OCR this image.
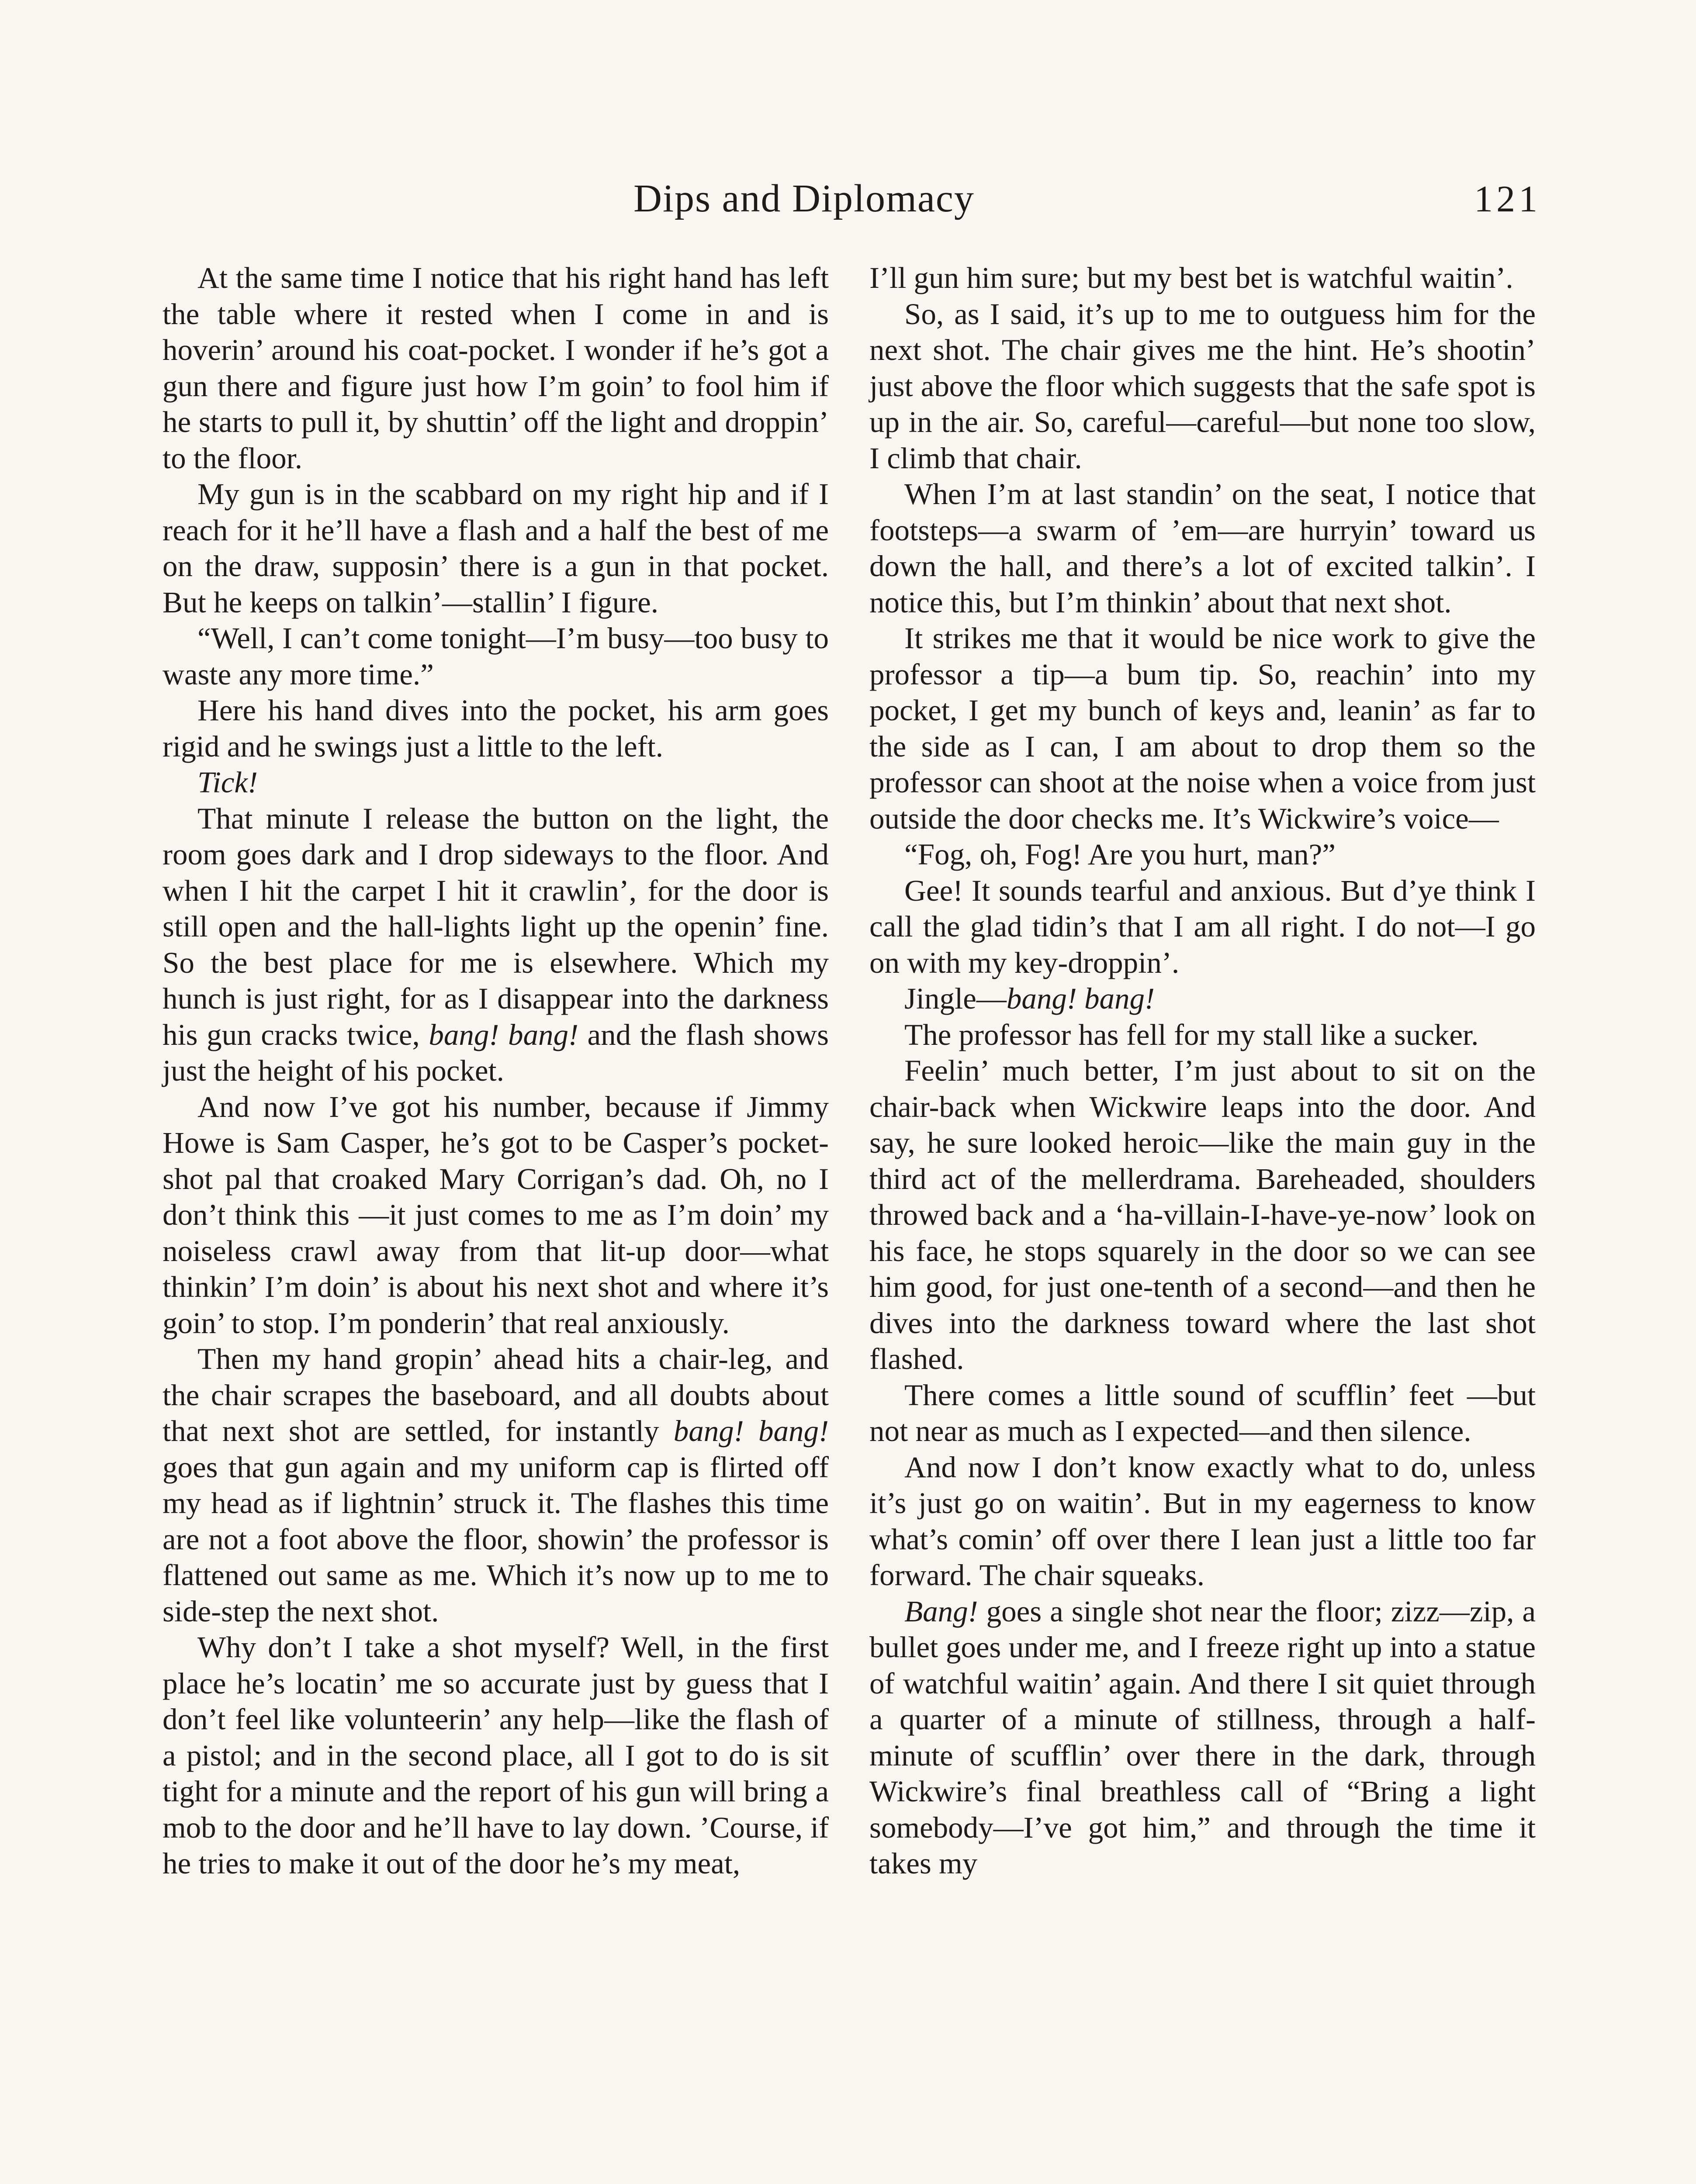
Dips and Diplomacy	121

At the same time I notice that his right hand has left the table where it rested when I come in and is hoverin’ around his coat-pocket. I wonder if he’s got a gun there and figure just how I’m goin’ to fool him if he starts to pull it, by shuttin’ off the light and droppin’ to the floor.

My gun is in the scabbard on my right hip and if I reach for it he’ll have a flash and a half the best of me on the draw, supposin’ there is a gun in that pocket. But he keeps on talkin’—stallin’ I figure.

“Well, I can’t come tonight—I’m busy—too busy to waste any more time.”

Here his hand dives into the pocket, his arm goes rigid and he swings just a little to the left.

Tick!

That minute I release the button on the light, the room goes dark and I drop sideways to the floor. And when I hit the carpet I hit it crawlin’, for the door is still open and the hall-lights light up the openin’ fine. So the best place for me is elsewhere. Which my hunch is just right, for as I disappear into the darkness his gun cracks twice, bang! bang! and the flash shows just the height of his pocket.

And now I’ve got his number, because if Jimmy Howe is Sam Casper, he’s got to be Casper’s pocket-shot pal that croaked Mary Corrigan’s dad. Oh, no I don’t think this —it just comes to me as I’m doin’ my noiseless crawl away from that lit-up door—what thinkin’ I’m doin’ is about his next shot and where it’s goin’ to stop. I’m ponderin’ that real anxiously.

Then my hand gropin’ ahead hits a chair-leg, and the chair scrapes the baseboard, and all doubts about that next shot are settled, for instantly bang! bang! goes that gun again and my uniform cap is flirted off my head as if lightnin’ struck it. The flashes this time are not a foot above the floor, showin’ the professor is flattened out same as me. Which it’s now up to me to side-step the next shot.

Why don’t I take a shot myself? Well, in the first place he’s locatin’ me so accurate just by guess that I don’t feel like volunteerin’ any help—like the flash of a pistol; and in the second place, all I got to do is sit tight for a minute and the report of his gun will bring a mob to the door and he’ll have to lay down. ’Course, if he tries to make it out of the door he’s my meat,

I’ll gun him sure; but my best bet is watchful waitin’.

So, as I said, it’s up to me to outguess him for the next shot. The chair gives me the hint. He’s shootin’ just above the floor which suggests that the safe spot is up in the air. So, careful—careful—but none too slow, I climb that chair.

When I’m at last standin’ on the seat, I notice that footsteps—a swarm of ’em—are hurryin’ toward us down the hall, and there’s a lot of excited talkin’. I notice this, but I’m thinkin’ about that next shot.

It strikes me that it would be nice work to give the professor a tip—a bum tip. So, reachin’ into my pocket, I get my bunch of keys and, leanin’ as far to the side as I can, I am about to drop them so the professor can shoot at the noise when a voice from just outside the door checks me. It’s Wickwire’s voice—

“Fog, oh, Fog! Are you hurt, man?”

Gee! It sounds tearful and anxious. But d’ye think I call the glad tidin’s that I am all right. I do not—I go on with my key-droppin’.

Jingle—bang! bang!

The professor has fell for my stall like a sucker.

Feelin’ much better, I’m just about to sit on the chair-back when Wickwire leaps into the door. And say, he sure looked heroic—like the main guy in the third act of the mellerdrama. Bareheaded, shoulders throwed back and a ‘ha-villain-I-have-ye-now’ look on his face, he stops squarely in the door so we can see him good, for just one-tenth of a second—and then he dives into the darkness toward where the last shot flashed.

There comes a little sound of scufflin’ feet —but not near as much as I expected—and then silence.

And now I don’t know exactly what to do, unless it’s just go on waitin’. But in my eagerness to know what’s comin’ off over there I lean just a little too far forward. The chair squeaks.

Bang! goes a single shot near the floor; zizz—zip, a bullet goes under me, and I freeze right up into a statue of watchful waitin’ again. And there I sit quiet through a quarter of a minute of stillness, through a half-minute of scufflin’ over there in the dark, through Wickwire’s final breathless call of “Bring a light somebody—I’ve got him,” and through the time it takes my
